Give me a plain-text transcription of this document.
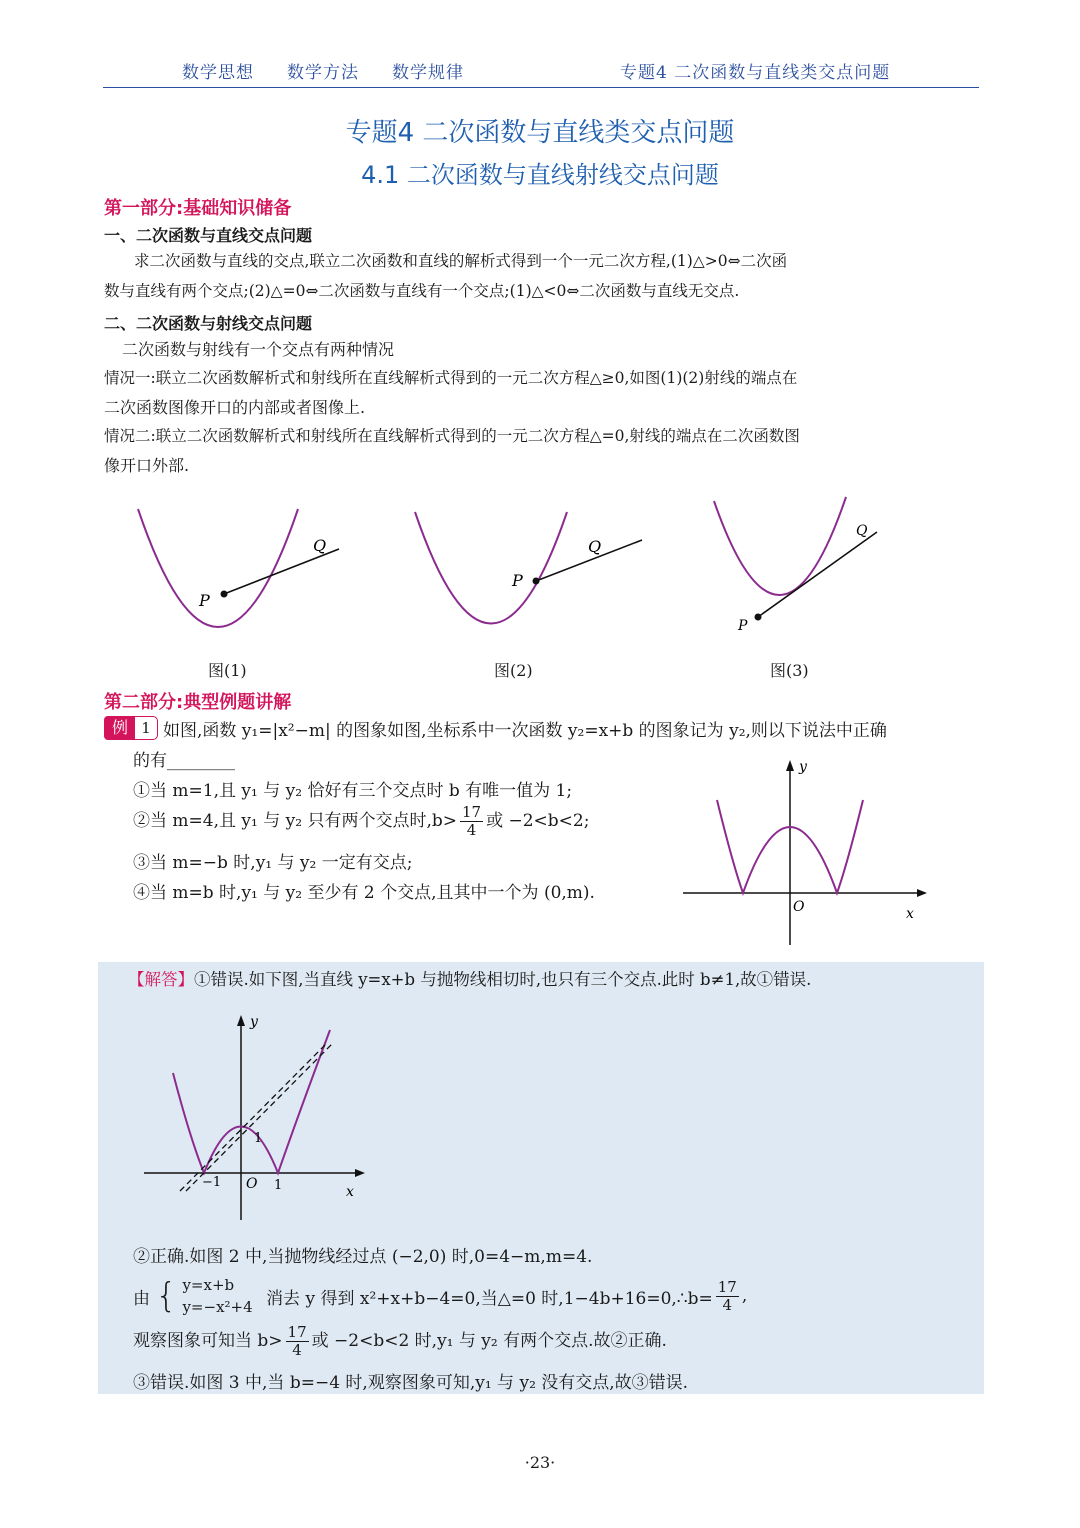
数学思想 数学方法 数学规律	专题4 二次函数与直线类交点问题
专题4 二次函数与直线类交点问题
4.1 二次函数与直线射线交点问题
第一部分:基础知识储备
一、二次函数与直线交点问题
求二次函数与直线的交点,联立二次函数和直线的解析式得到一个一元二次方程,(1)△>0⇔二次函
数与直线有两个交点;(2)△=0⇔二次函数与直线有一个交点;(1)△<0⇔二次函数与直线无交点.
二、二次函数与射线交点问题
二次函数与射线有一个交点有两种情况
情况一:联立二次函数解析式和射线所在直线解析式得到的一元二次方程△≥0,如图(1)(2)射线的端点在
二次函数图像开口的内部或者图像上.
情况二:联立二次函数解析式和射线所在直线解析式得到的一元二次方程△=0,射线的端点在二次函数图
像开口外部.
P
Q
P
Q
P
Q
图(1)	图(2)	图(3)
第二部分:典型例题讲解
例 1 如图,函数 y₁=|x²−m| 的图象如图,坐标系中一次函数 y₂=x+b 的图象记为 y₂,则以下说法中正确
的有________
①当 m=1,且 y₁ 与 y₂ 恰好有三个交点时 b 有唯一值为 1;
②当 m=4,且 y₁ 与 y₂ 只有两个交点时$,b> \frac{17}{4}$ 或 −2<b<2;
③当 m=−b 时,y₁ 与 y₂ 一定有交点;
④当 m=b 时,y₁ 与 y₂ 至少有 2 个交点,且其中一个为 (0,m).
y
O	x
【解答】①错误.如下图,当直线 y=x+b 与抛物线相切时,也只有三个交点.此时 b≠1,故①错误.
y
O	x
1
−1	1
②正确.如图 2 中,当抛物线经过点 (−2,0) 时,0=4−m,m=4.
由 { y=x+b
y=−x²+4 消去 y 得到 x²+x+b−4=0,当△=0 时,1−4b+16=0,∴b= $\frac{17}{4}$ ,
观察图象可知当 $b> \frac{17}{4}$ 或 −2<b<2 时,y₁ 与 y₂ 有两个交点.故②正确.
③错误.如图 3 中,当 b=−4 时,观察图象可知,y₁ 与 y₂ 没有交点,故③错误.
·23·
